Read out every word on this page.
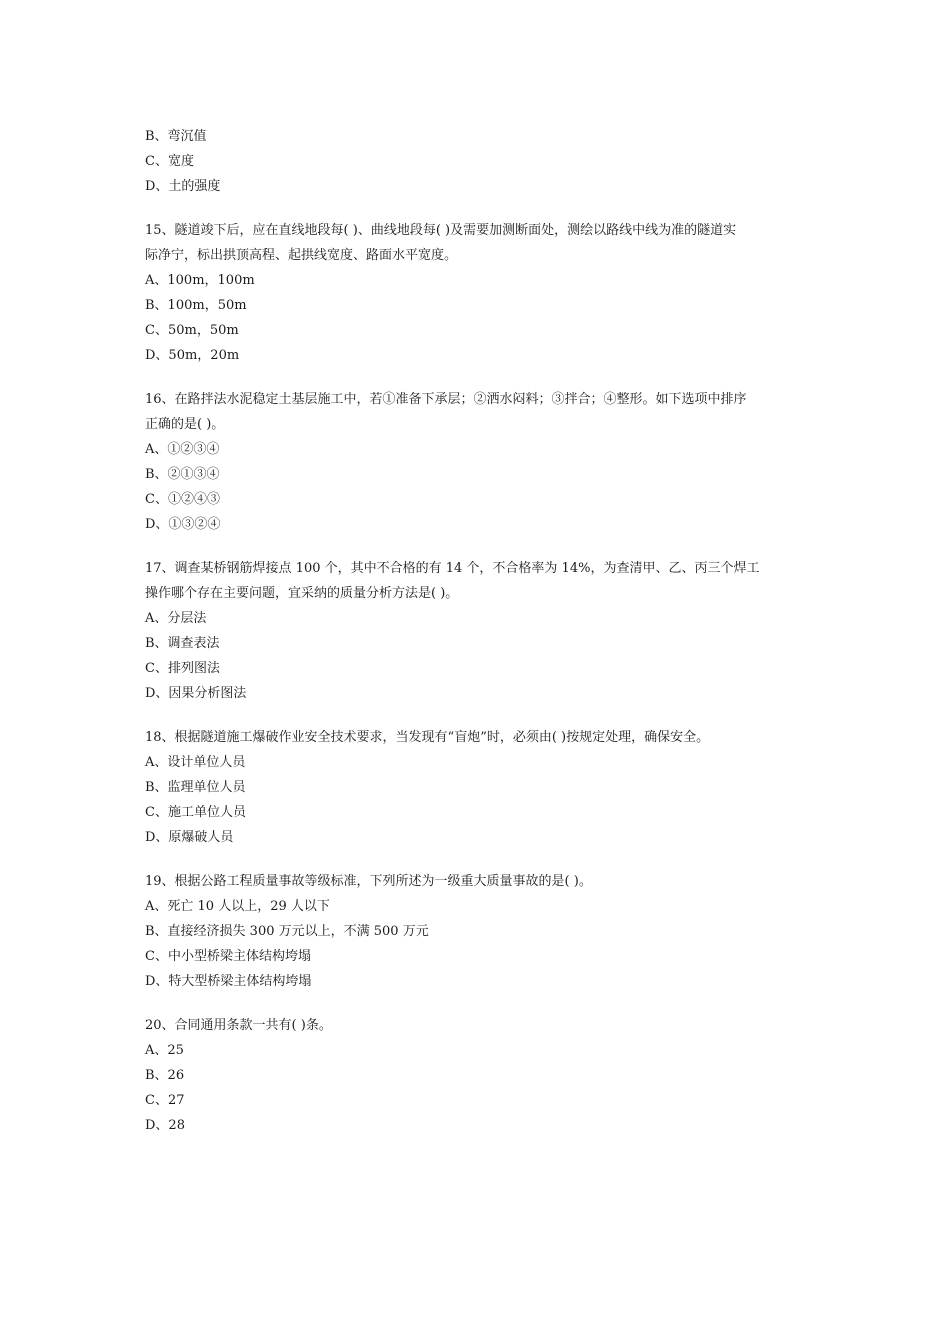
B、弯沉值
C、宽度
D、土的强度
15、隧道竣下后，应在直线地段每( )、曲线地段每( )及需要加测断面处，测绘以路线中线为准的隧道实
际净宁，标出拱顶高程、起拱线宽度、路面水平宽度。
A、100m，100m
B、100m，50m
C、50m，50m
D、50m，20m
16、在路拌法水泥稳定土基层施工中，若①准备下承层；②洒水闷料；③拌合；④整形。如下选项中排序
正确的是( )。
A、①②③④
B、②①③④
C、①②④③
D、①③②④
17、调查某桥钢筋焊接点 100 个，其中不合格的有 14 个，不合格率为 14%，为查清甲、乙、丙三个焊工
操作哪个存在主要问题，宜采纳的质量分析方法是( )。
A、分层法
B、调查表法
C、排列图法
D、因果分析图法
18、根据隧道施工爆破作业安全技术要求，当发现有“盲炮”时，必须由( )按规定处理，确保安全。
A、设计单位人员
B、监理单位人员
C、施工单位人员
D、原爆破人员
19、根据公路工程质量事故等级标准，下列所述为一级重大质量事故的是( )。
A、死亡 10 人以上，29 人以下
B、直接经济损失 300 万元以上，不满 500 万元
C、中小型桥梁主体结构垮塌
D、特大型桥梁主体结构垮塌
20、合同通用条款一共有( )条。
A、25
B、26
C、27
D、28
